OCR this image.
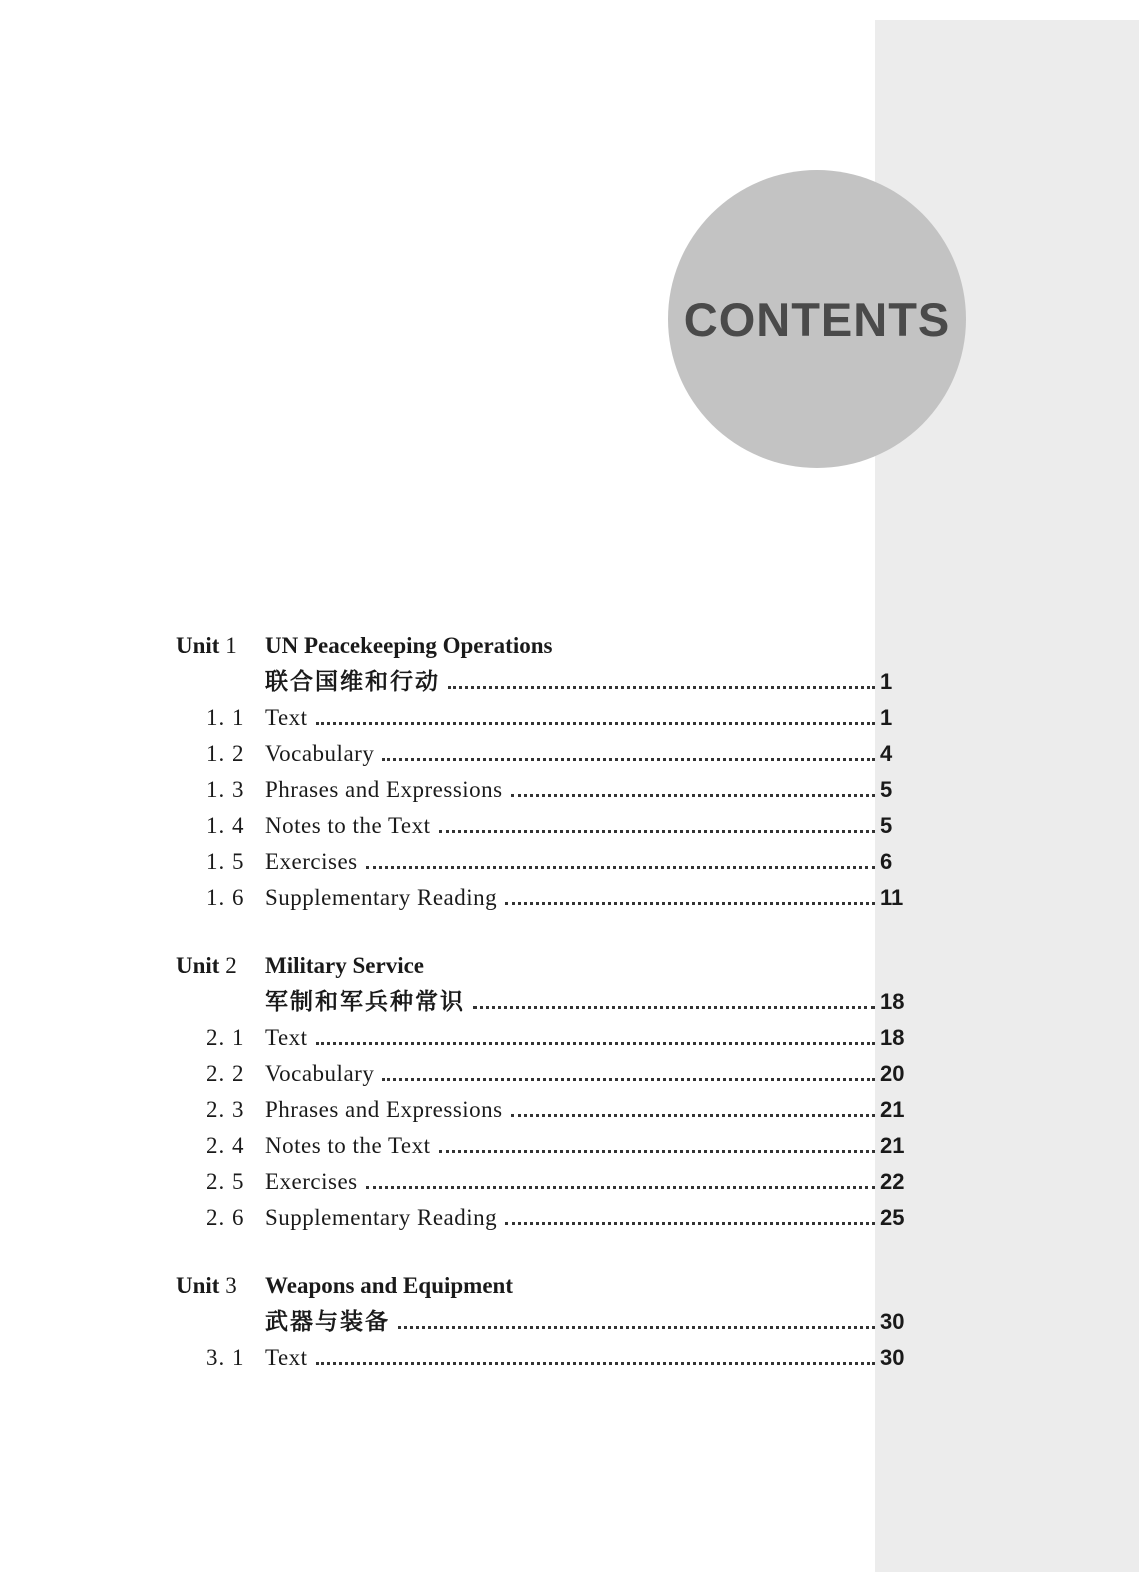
CONTENTS
Unit 1	UN Peacekeeping Operations
联合国维和行动	1
1. 1 Text	1
1. 2 Vocabulary	4
1. 3 Phrases and Expressions	5
1. 4 Notes to the Text	5
1. 5 Exercises	6
1. 6 Supplementary Reading	11
Unit 2	Military Service
军制和军兵种常识	18
2. 1 Text	18
2. 2 Vocabulary	20
2. 3 Phrases and Expressions	21
2. 4 Notes to the Text	21
2. 5 Exercises	22
2. 6 Supplementary Reading	25
Unit 3	Weapons and Equipment
武器与装备	30
3. 1 Text	30
